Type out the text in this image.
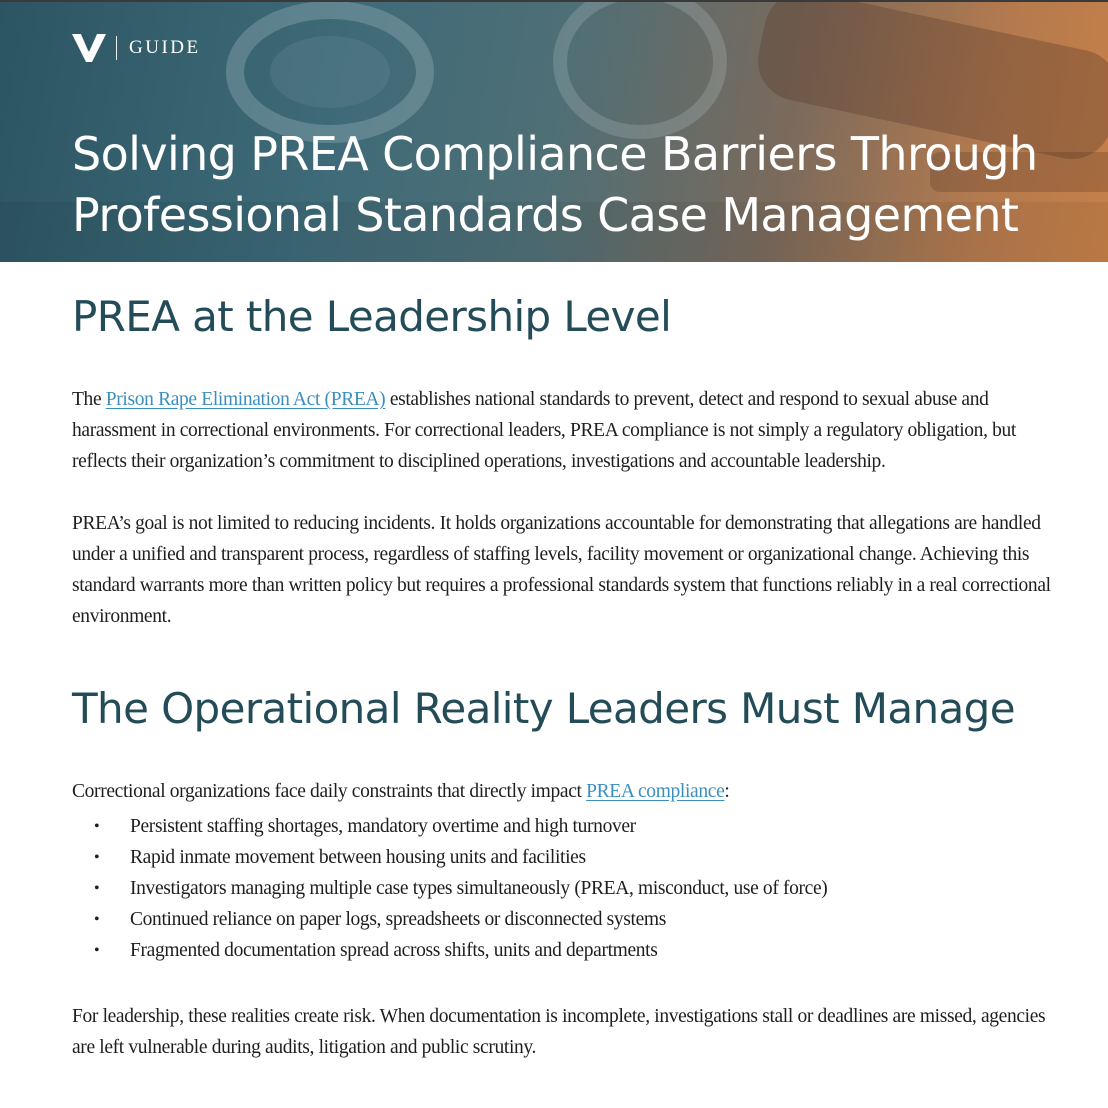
GUIDE
Solving PREA Compliance Barriers Through Professional Standards Case Management
PREA at the Leadership Level

The Prison Rape Elimination Act (PREA) establishes national standards to prevent, detect and respond to sexual abuse and harassment in correctional environments. For correctional leaders, PREA compliance is not simply a regulatory obligation, but reflects their organization’s commitment to disciplined operations, investigations and accountable leadership.

PREA’s goal is not limited to reducing incidents. It holds organizations accountable for demonstrating that allegations are handled under a unified and transparent process, regardless of staffing levels, facility movement or organizational change. Achieving this standard warrants more than written policy but requires a professional standards system that functions reliably in a real correctional environment.

The Operational Reality Leaders Must Manage

Correctional organizations face daily constraints that directly impact PREA compliance:

• Persistent staffing shortages, mandatory overtime and high turnover
• Rapid inmate movement between housing units and facilities
• Investigators managing multiple case types simultaneously (PREA, misconduct, use of force)
• Continued reliance on paper logs, spreadsheets or disconnected systems
• Fragmented documentation spread across shifts, units and departments

For leadership, these realities create risk. When documentation is incomplete, investigations stall or deadlines are missed, agencies are left vulnerable during audits, litigation and public scrutiny.
